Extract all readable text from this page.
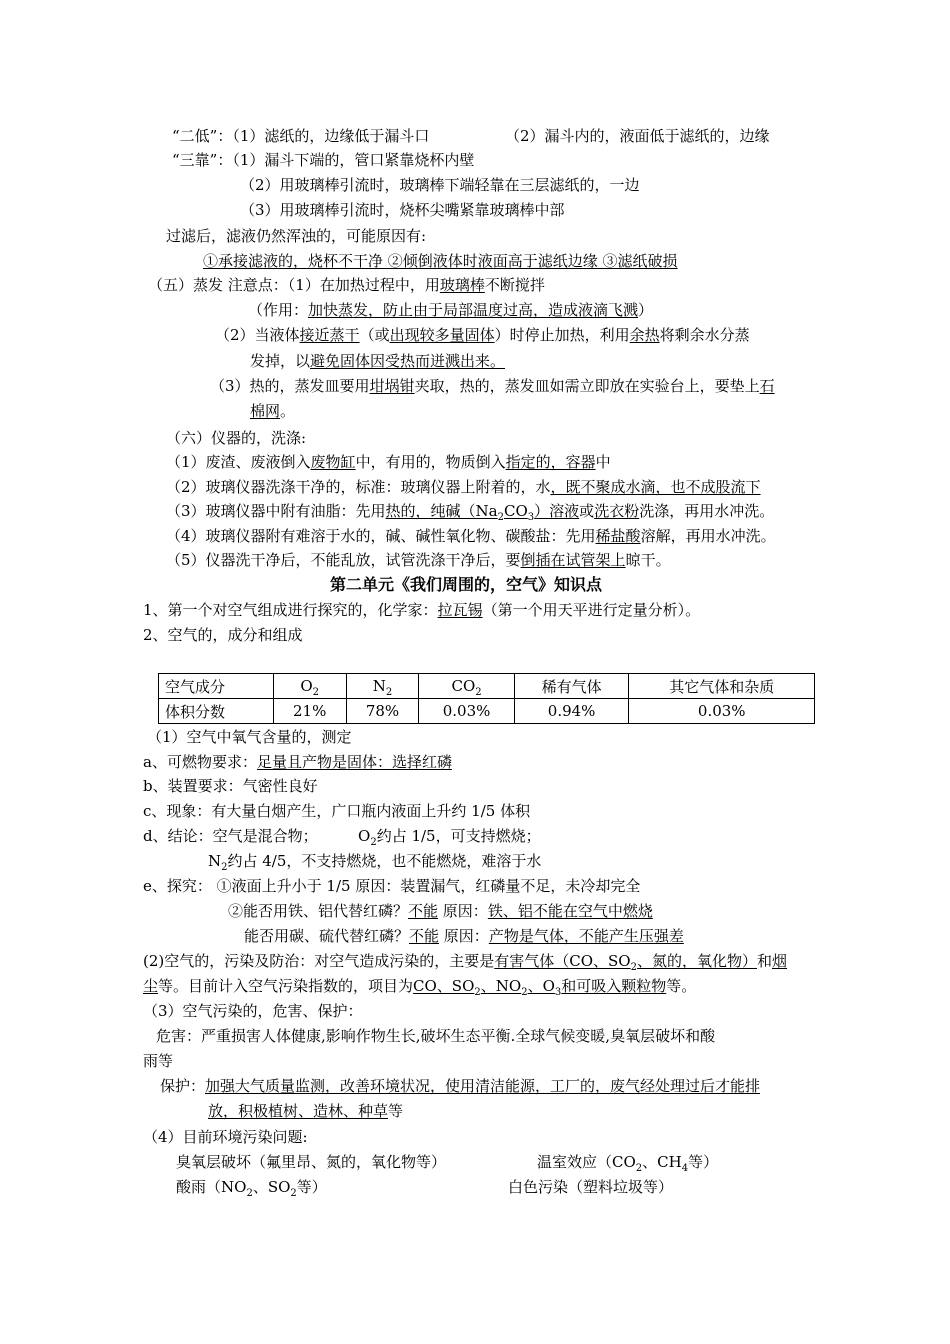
“二低”：（1）滤纸的，边缘低于漏斗口	（2）漏斗内的，液面低于滤纸的，边缘
“三靠”：（1）漏斗下端的，管口紧靠烧杯内壁
（2）用玻璃棒引流时，玻璃棒下端轻靠在三层滤纸的，一边
（3）用玻璃棒引流时，烧杯尖嘴紧靠玻璃棒中部
过滤后，滤液仍然浑浊的，可能原因有:
①承接滤液的，烧杯不干净 ②倾倒液体时液面高于滤纸边缘 ③滤纸破损
（五）蒸发 注意点：（1）在加热过程中，用玻璃棒不断搅拌
（作用：加快蒸发，防止由于局部温度过高，造成液滴飞溅）
（2）当液体接近蒸干（或出现较多量固体）时停止加热，利用余热将剩余水分蒸
发掉，以避免固体因受热而迸溅出来。
（3）热的，蒸发皿要用坩埚钳夹取，热的，蒸发皿如需立即放在实验台上，要垫上石
棉网。
（六）仪器的，洗涤:
（1）废渣、废液倒入废物缸中，有用的，物质倒入指定的，容器中
（2）玻璃仪器洗涤干净的，标准：玻璃仪器上附着的，水，既不聚成水滴，也不成股流下
（3）玻璃仪器中附有油脂：先用热的，纯碱$(Na_2CO_3)$溶液或洗衣粉洗涤，再用水冲洗。
（4）玻璃仪器附有难溶于水的，碱、碱性氧化物、碳酸盐：先用稀盐酸溶解，再用水冲洗。
（5）仪器洗干净后，不能乱放，试管洗涤干净后，要倒插在试管架上晾干。
第二单元《我们周围的，空气》知识点
1、第一个对空气组成进行探究的，化学家：拉瓦锡（第一个用天平进行定量分析）。
2、空气的，成分和组成
空气成分	$O_2$	$N_2$	$CO_2$	稀有气体	其它气体和杂质
体积分数	21%	78%	0.03%	0.94%	0.03%
（1）空气中氧气含量的，测定
a、可燃物要求：足量且产物是固体：选择红磷
b、装置要求：气密性良好
c、现象：有大量白烟产生，广口瓶内液面上升约 1/5 体积
d、结论：空气是混合物；	$O_2$约占 1/5，可支持燃烧；
$N_2$约占 4/5，不支持燃烧，也不能燃烧，难溶于水
e、探究： ①液面上升小于 1/5 原因：装置漏气，红磷量不足，未冷却完全
②能否用铁、铝代替红磷？不能 原因：铁、铝不能在空气中燃烧
能否用碳、硫代替红磷？不能 原因：产物是气体，不能产生压强差
(2)空气的，污染及防治：对空气造成污染的，主要是有害气体（CO、$SO_2$、氮的，氧化物）和烟
尘等。目前计入空气污染指数的，项目为CO、$SO_2$、$NO_2$、$O_3$和可吸入颗粒物等。
（3）空气污染的，危害、保护：
危害：严重损害人体健康,影响作物生长,破坏生态平衡.全球气候变暖,臭氧层破坏和酸
雨等
保护：加强大气质量监测，改善环境状况，使用清洁能源，工厂的，废气经处理过后才能排
放，积极植树、造林、种草等
（4）目前环境污染问题:
臭氧层破坏（氟里昂、氮的，氧化物等）	温室效应（$CO_2$、$CH_4$等）
酸雨（$NO_2$、$SO_2$等）	白色污染（塑料垃圾等）
